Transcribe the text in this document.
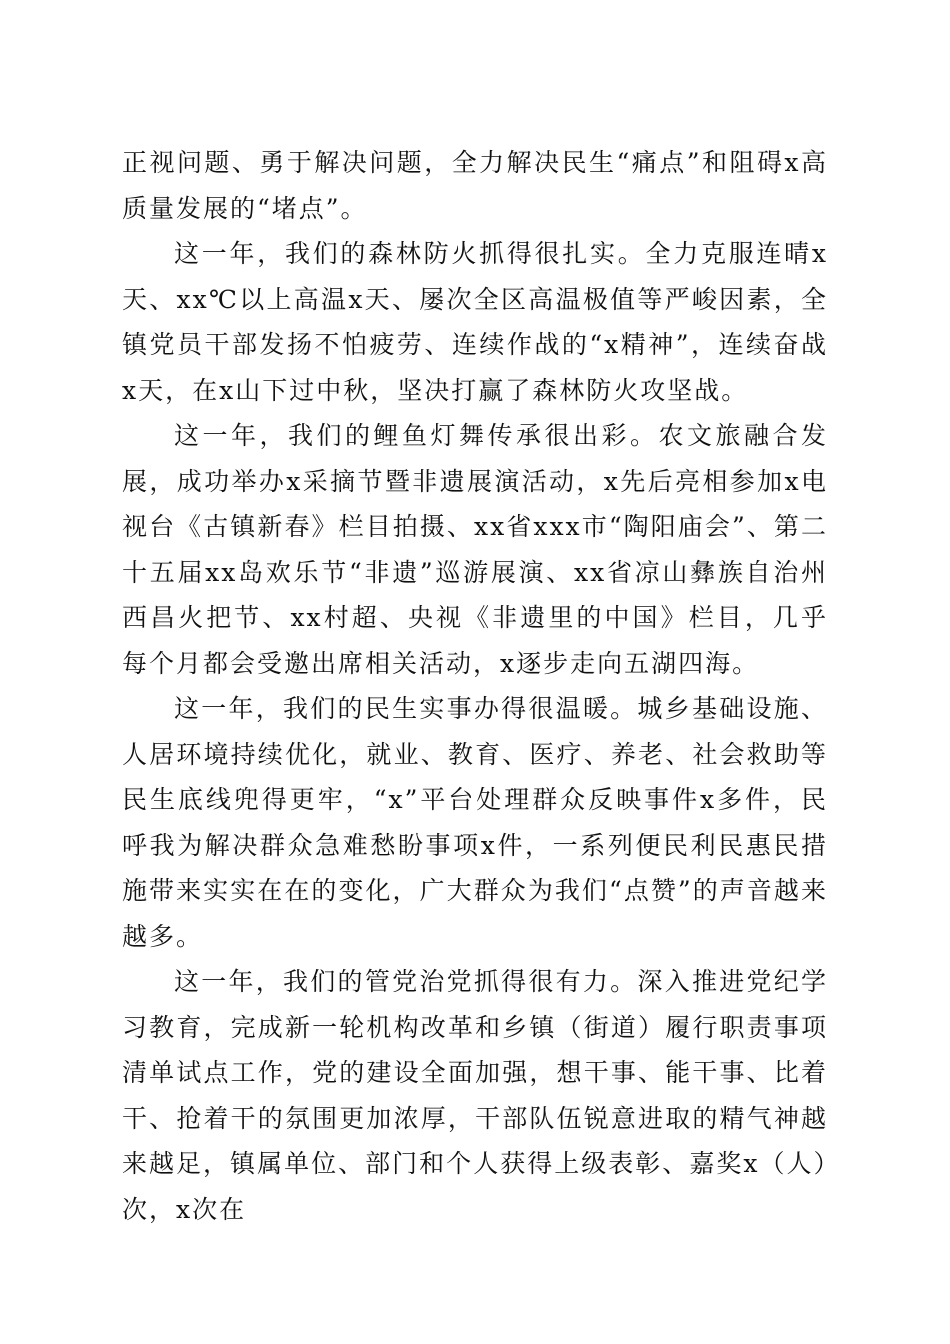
正视问题、勇于解决问题，全力解决民生“痛点”和阻碍x高质量发展的“堵点”。

这一年，我们的森林防火抓得很扎实。全力克服连晴x天、xx℃以上高温x天、屡次全区高温极值等严峻因素，全镇党员干部发扬不怕疲劳、连续作战的“x精神”，连续奋战x天，在x山下过中秋，坚决打赢了森林防火攻坚战。

这一年，我们的鲤鱼灯舞传承很出彩。农文旅融合发展，成功举办x采摘节暨非遗展演活动，x先后亮相参加x电视台《古镇新春》栏目拍摄、xx省xxx市“陶阳庙会”、第二十五届xx岛欢乐节“非遗”巡游展演、xx省凉山彝族自治州西昌火把节、xx村超、央视《非遗里的中国》栏目，几乎每个月都会受邀出席相关活动，x逐步走向五湖四海。

这一年，我们的民生实事办得很温暖。城乡基础设施、人居环境持续优化，就业、教育、医疗、养老、社会救助等民生底线兜得更牢，“x”平台处理群众反映事件x多件，民呼我为解决群众急难愁盼事项x件，一系列便民利民惠民措施带来实实在在的变化，广大群众为我们“点赞”的声音越来越多。

这一年，我们的管党治党抓得很有力。深入推进党纪学习教育，完成新一轮机构改革和乡镇（街道）履行职责事项清单试点工作，党的建设全面加强，想干事、能干事、比着干、抢着干的氛围更加浓厚，干部队伍锐意进取的精气神越来越足，镇属单位、部门和个人获得上级表彰、嘉奖x（人）次，x次在
